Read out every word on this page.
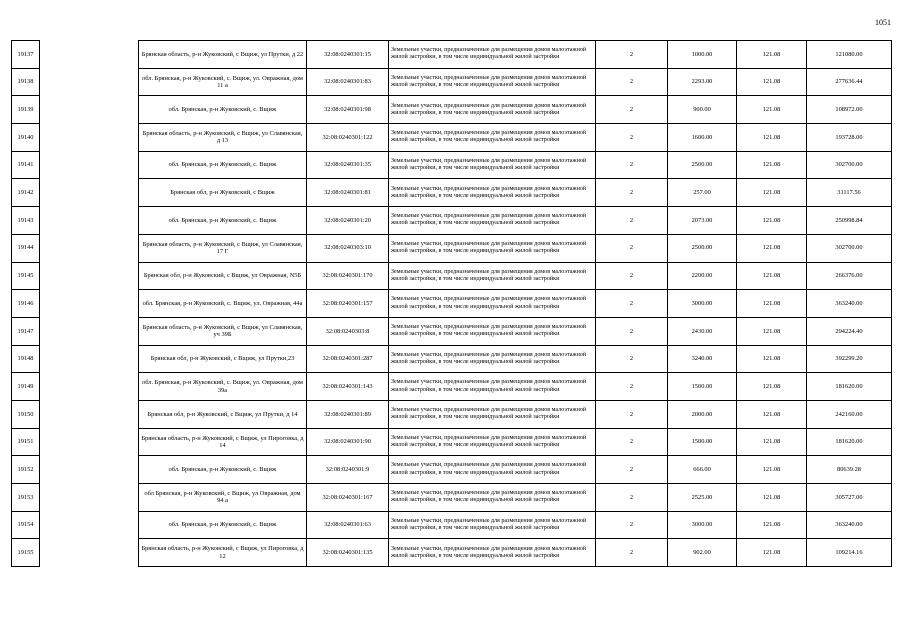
1051
19137		Брянская область, р-н Жуковский, с Вщиж, ул Прутки, д 22	32:08:0240301:15	Земельные участки, предназначенные для размещения домов малоэтажной жилой застройки, в том числе индивидуальной жилой застройки	2	1000.00	121.08	121080.00
19138		обл. Брянская, р-н Жуковский, с. Вщиж, ул. Овражная, дом 11 а	32:08:0240301:83	Земельные участки, предназначенные для размещения домов малоэтажной жилой застройки, в том числе индивидуальной жилой застройки	2	2293.00	121.08	277636.44
19139		обл. Брянская, р-н Жуковский, с. Вщиж	32:08:0240301:98	Земельные участки, предназначенные для размещения домов малоэтажной жилой застройки, в том числе индивидуальной жилой застройки	2	900.00	121.08	108972.00
19140		Брянская область, р-н Жуковский, с Вщиж, ул Славянская, д 13	32:08:0240301:122	Земельные участки, предназначенные для размещения домов малоэтажной жилой застройки, в том числе индивидуальной жилой застройки	2	1600.00	121.08	193728.00
19141		обл. Брянская, р-н Жуковский, с. Вщиж	32:08:0240301:35	Земельные участки, предназначенные для размещения домов малоэтажной жилой застройки, в том числе индивидуальной жилой застройки	2	2500.00	121.08	302700.00
19142		Брянская обл, р-н Жуковский, с Вщиж	32:08:0240301:81	Земельные участки, предназначенные для размещения домов малоэтажной жилой застройки, в том числе индивидуальной жилой застройки	2	257.00	121.08	31117.56
19143		обл. Брянская, р-н Жуковский, с. Вщиж	32:08:0240301:20	Земельные участки, предназначенные для размещения домов малоэтажной жилой застройки, в том числе индивидуальной жилой застройки	2	2073.00	121.08	250998.84
19144		Брянская область, р-н Жуковский, с Вщиж, ул Славянская, 17 Г	32:08:0240303:10	Земельные участки, предназначенные для размещения домов малоэтажной жилой застройки, в том числе индивидуальной жилой застройки	2	2500.00	121.08	302700.00
19145		Брянская обл, р-н Жуковский, с Вщиж, ул Овражная, N5Б	32:08:0240301:170	Земельные участки, предназначенные для размещения домов малоэтажной жилой застройки, в том числе индивидуальной жилой застройки	2	2200.00	121.08	266376.00
19146		обл. Брянская, р-н Жуковский, с. Вщиж, ул. Овражная, 44а	32:08:0240301:157	Земельные участки, предназначенные для размещения домов малоэтажной жилой застройки, в том числе индивидуальной жилой застройки	2	3000.00	121.08	363240.00
19147		Брянская область, р-н Жуковский, с Вщиж, ул Славянская, уч 39Б	32:08:0240303:8	Земельные участки, предназначенные для размещения домов малоэтажной жилой застройки, в том числе индивидуальной жилой застройки	2	2430.00	121.08	294224.40
19148		Брянская обл, р-н Жуковский, с Вщиж, ул Прутки,23	32:08:0240301:287	Земельные участки, предназначенные для размещения домов малоэтажной жилой застройки, в том числе индивидуальной жилой застройки	2	3240.00	121.08	392299.20
19149		обл. Брянская, р-н Жуковский, с. Вщиж, ул. Овражная, дом 39а	32:08:0240301:143	Земельные участки, предназначенные для размещения домов малоэтажной жилой застройки, в том числе индивидуальной жилой застройки	2	1500.00	121.08	181620.00
19150		Брянская обл, р-н Жуковский, с Вщиж, ул Прутки, д 14	32:08:0240301:89	Земельные участки, предназначенные для размещения домов малоэтажной жилой застройки, в том числе индивидуальной жилой застройки	2	2000.00	121.08	242160.00
19151		Брянская область, р-н Жуковский, с Вщиж, ул Пироговка, д 14	32:08:0240301:90	Земельные участки, предназначенные для размещения домов малоэтажной жилой застройки, в том числе индивидуальной жилой застройки	2	1500.00	121.08	181620.00
19152		обл. Брянская, р-н Жуковский, с. Вщиж	32:08:0240301:9	Земельные участки, предназначенные для размещения домов малоэтажной жилой застройки, в том числе индивидуальной жилой застройки	2	666.00	121.08	80639.28
19153		обл Брянская, р-н Жуковский, с Вщиж, ул Овражная, дом 94 а	32:08:0240301:167	Земельные участки, предназначенные для размещения домов малоэтажной жилой застройки, в том числе индивидуальной жилой застройки	2	2525.00	121.08	305727.00
19154		обл. Брянская, р-н Жуковский, с. Вщиж	32:08:0240301:63	Земельные участки, предназначенные для размещения домов малоэтажной жилой застройки, в том числе индивидуальной жилой застройки	2	3000.00	121.08	363240.00
19155		Брянская область, р-н Жуковский, с Вщиж, ул Пироговка, д 12	32:08:0240301:135	Земельные участки, предназначенные для размещения домов малоэтажной жилой застройки, в том числе индивидуальной жилой застройки	2	902.00	121.08	109214.16
